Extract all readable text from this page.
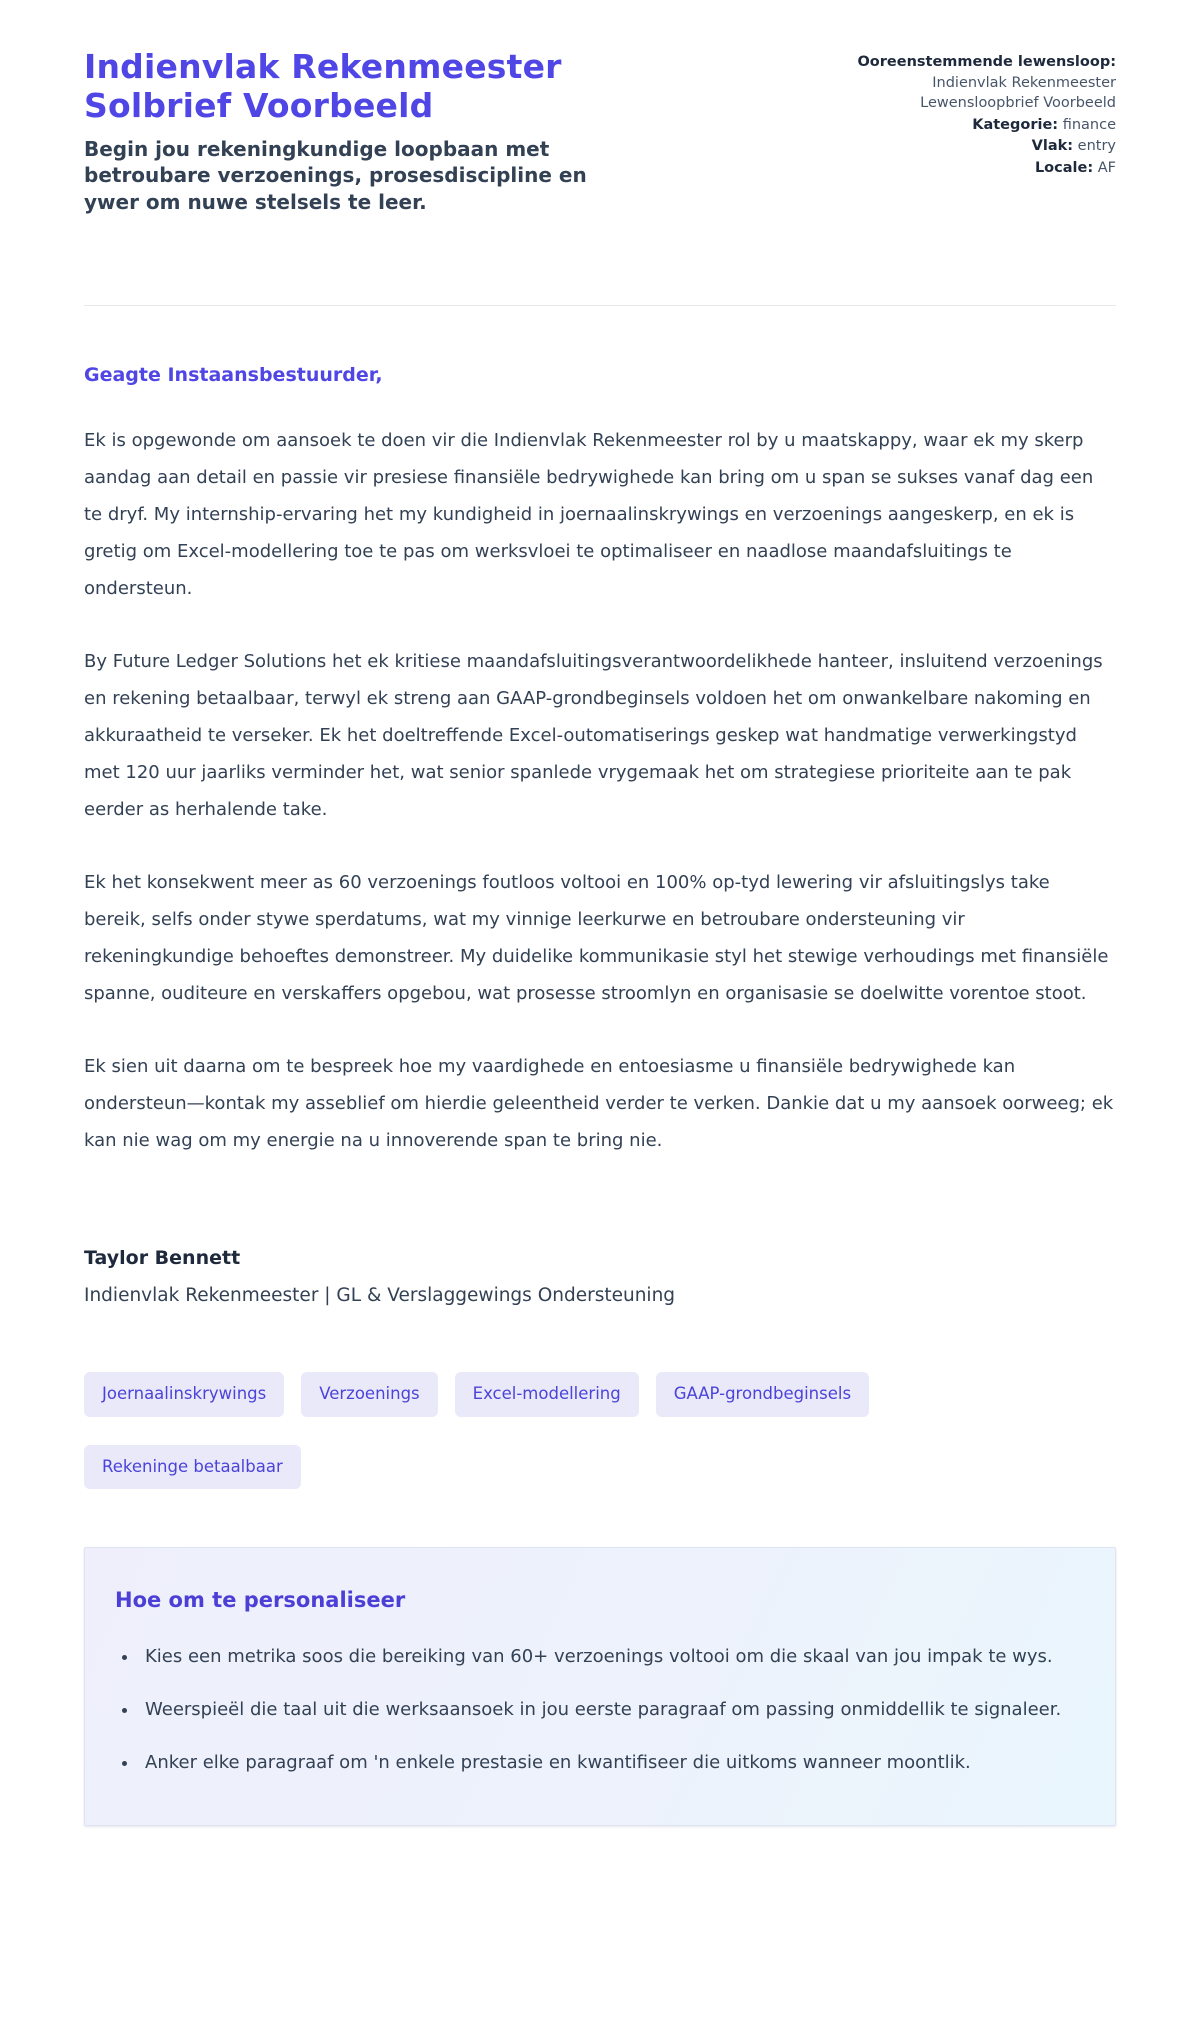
Indienvlak Rekenmeester Solbrief Voorbeeld
Begin jou rekeningkundige loopbaan met betroubare verzoenings, prosesdiscipline en ywer om nuwe stelsels te leer.
Ooreenstemmende lewensloop: Indienvlak Rekenmeester Lewensloopbrief Voorbeeld
Kategorie: finance
Vlak: entry
Locale: AF
Geagte Instaansbestuurder,

Ek is opgewonde om aansoek te doen vir die Indienvlak Rekenmeester rol by u maatskappy, waar ek my skerp aandag aan detail en passie vir presiese finansiële bedrywighede kan bring om u span se sukses vanaf dag een te dryf. My internship-ervaring het my kundigheid in joernaalinskrywings en verzoenings aangeskerp, en ek is gretig om Excel-modellering toe te pas om werksvloei te optimaliseer en naadlose maandafsluitings te ondersteun.

By Future Ledger Solutions het ek kritiese maandafsluitingsverantwoordelikhede hanteer, insluitend verzoenings en rekening betaalbaar, terwyl ek streng aan GAAP-grondbeginsels voldoen het om onwankelbare nakoming en akkuraatheid te verseker. Ek het doeltreffende Excel-outomatiserings geskep wat handmatige verwerkingstyd met 120 uur jaarliks verminder het, wat senior spanlede vrygemaak het om strategiese prioriteite aan te pak eerder as herhalende take.

Ek het konsekwent meer as 60 verzoenings foutloos voltooi en 100% op-tyd lewering vir afsluitingslys take bereik, selfs onder stywe sperdatums, wat my vinnige leerkurwe en betroubare ondersteuning vir rekeningkundige behoeftes demonstreer. My duidelike kommunikasie styl het stewige verhoudings met finansiële spanne, ouditeure en verskaffers opgebou, wat prosesse stroomlyn en organisasie se doelwitte vorentoe stoot.

Ek sien uit daarna om te bespreek hoe my vaardighede en entoesiasme u finansiële bedrywighede kan ondersteun—kontak my asseblief om hierdie geleentheid verder te verken. Dankie dat u my aansoek oorweeg; ek kan nie wag om my energie na u innoverende span te bring nie.

Taylor Bennett
Indienvlak Rekenmeester | GL & Verslaggewings Ondersteuning
Joernaalinskrywings	Verzoenings	Excel-modellering	GAAP-grondbeginsels
Rekeninge betaalbaar
Hoe om te personaliseer
• Kies een metrika soos die bereiking van 60+ verzoenings voltooi om die skaal van jou impak te wys.
• Weerspieël die taal uit die werksaansoek in jou eerste paragraaf om passing onmiddellik te signaleer.
• Anker elke paragraaf om 'n enkele prestasie en kwantifiseer die uitkoms wanneer moontlik.
